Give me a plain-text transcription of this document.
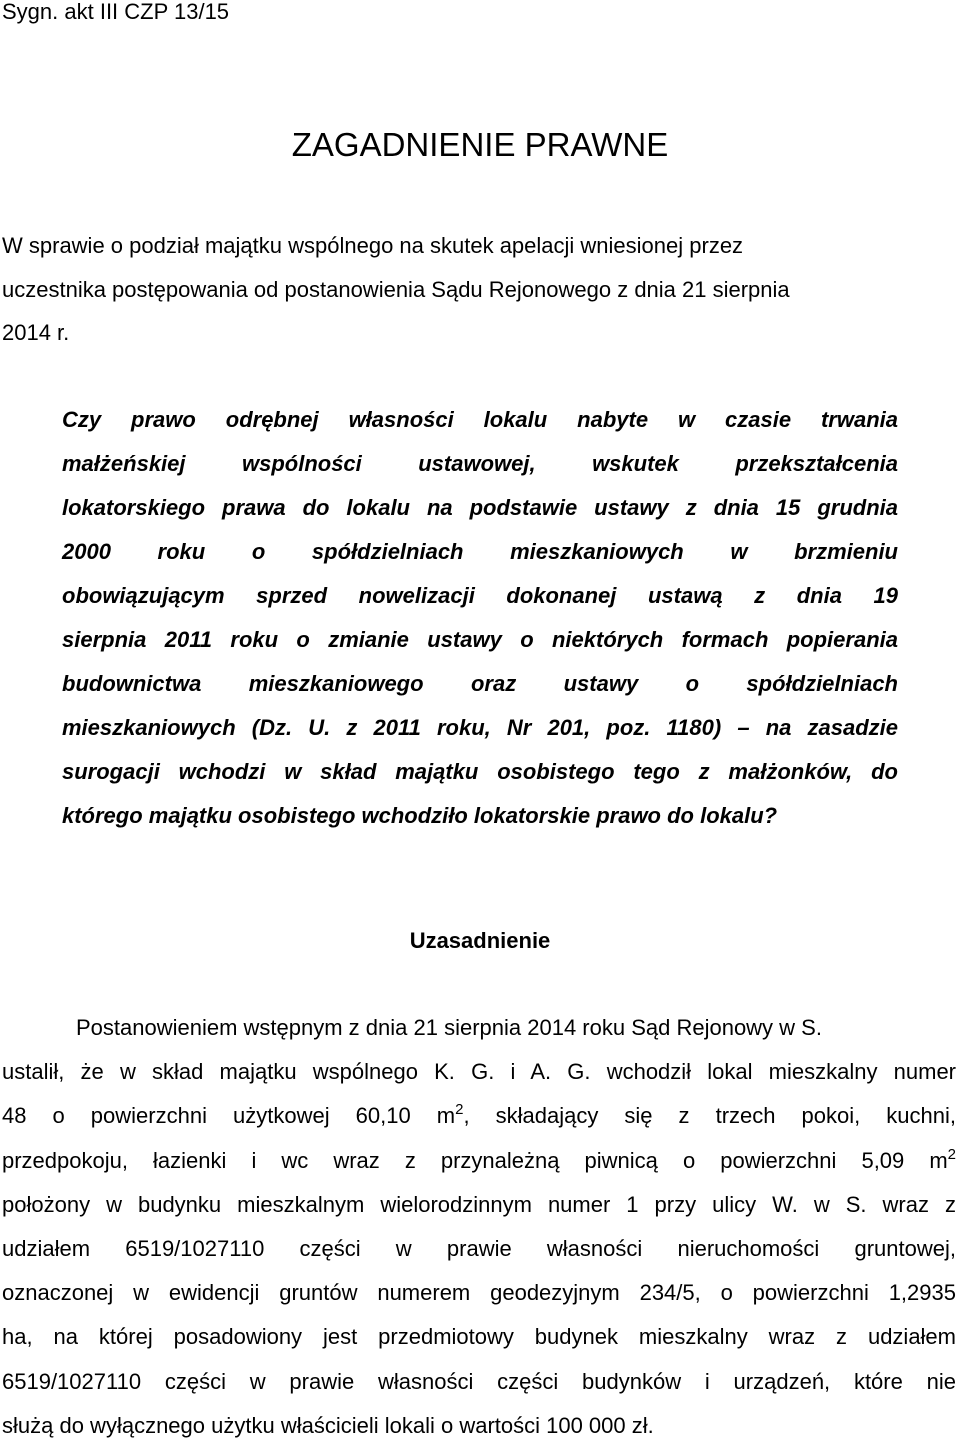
Sygn. akt III CZP 13/15
ZAGADNIENIE PRAWNE
W sprawie o podział majątku wspólnego na skutek apelacji wniesionej przez
uczestnika postępowania od postanowienia Sądu Rejonowego z dnia 21 sierpnia
2014 r.
Czy prawo odrębnej własności lokalu nabyte w czasie trwania
małżeńskiej wspólności ustawowej, wskutek przekształcenia
lokatorskiego prawa do lokalu na podstawie ustawy z dnia 15 grudnia
2000 roku o spółdzielniach mieszkaniowych w brzmieniu
obowiązującym sprzed nowelizacji dokonanej ustawą z dnia 19
sierpnia 2011 roku o zmianie ustawy o niektórych formach popierania
budownictwa mieszkaniowego oraz ustawy o spółdzielniach
mieszkaniowych (Dz. U. z 2011 roku, Nr 201, poz. 1180) – na zasadzie
surogacji wchodzi w skład majątku osobistego tego z małżonków, do
którego majątku osobistego wchodziło lokatorskie prawo do lokalu?
Uzasadnienie
Postanowieniem wstępnym z dnia 21 sierpnia 2014 roku Sąd Rejonowy w S.
ustalił, że w skład majątku wspólnego K. G. i A. G. wchodził lokal mieszkalny numer
48 o powierzchni użytkowej 60,10 $m^2$, składający się z trzech pokoi, kuchni,
przedpokoju, łazienki i wc wraz z przynależną piwnicą o powierzchni 5,09 $m^2$
położony w budynku mieszkalnym wielorodzinnym numer 1 przy ulicy W. w S. wraz z
udziałem 6519/1027110 części w prawie własności nieruchomości gruntowej,
oznaczonej w ewidencji gruntów numerem geodezyjnym 234/5, o powierzchni 1,2935
ha, na której posadowiony jest przedmiotowy budynek mieszkalny wraz z udziałem
6519/1027110 części w prawie własności części budynków i urządzeń, które nie
służą do wyłącznego użytku właścicieli lokali o wartości 100 000 zł.
